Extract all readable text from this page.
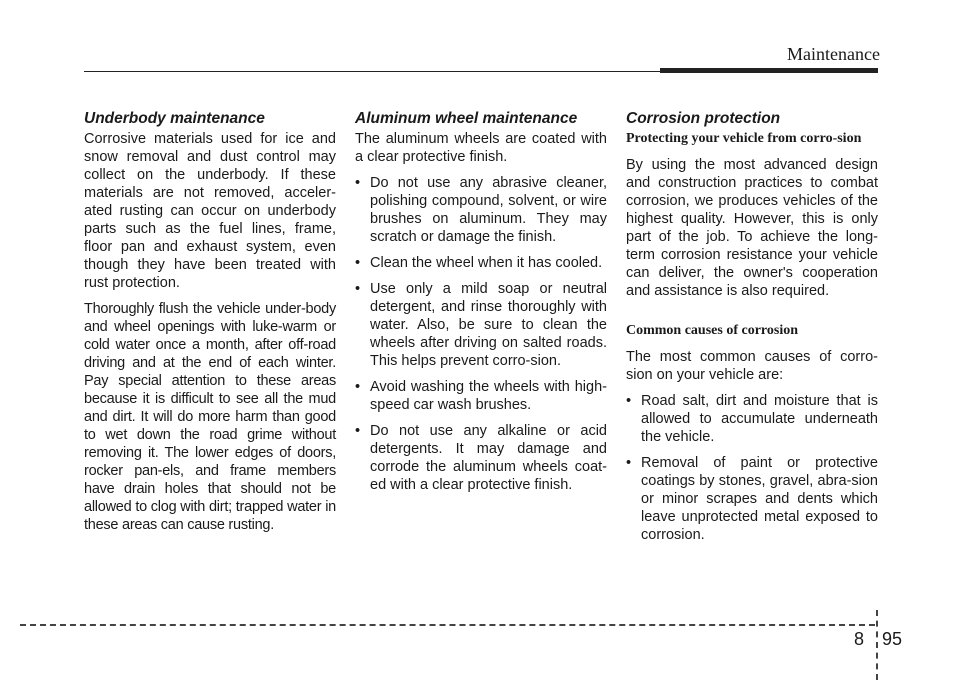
Maintenance
Underbody maintenance

Corrosive materials used for ice and snow removal and dust control may collect on the underbody. If these materials are not removed, acceler-ated rusting can occur on underbody parts such as the fuel lines, frame, floor pan and exhaust system, even though they have been treated with rust protection.

Thoroughly flush the vehicle under-body and wheel openings with luke-warm or cold water once a month, after off-road driving and at the end of each winter. Pay special attention to these areas because it is difficult to see all the mud and dirt. It will do more harm than good to wet down the road grime without removing it. The lower edges of doors, rocker pan-els, and frame members have drain holes that should not be allowed to clog with dirt; trapped water in these areas can cause rusting.

Aluminum wheel maintenance

The aluminum wheels are coated with a clear protective finish.

• Do not use any abrasive cleaner, polishing compound, solvent, or wire brushes on aluminum. They may scratch or damage the finish.
• Clean the wheel when it has cooled.
• Use only a mild soap or neutral detergent, and rinse thoroughly with water. Also, be sure to clean the wheels after driving on salted roads. This helps prevent corro-sion.
• Avoid washing the wheels with high-speed car wash brushes.
• Do not use any alkaline or acid detergents. It may damage and corrode the aluminum wheels coat-ed with a clear protective finish.
Corrosion protection
Protecting your vehicle from corro-sion

By using the most advanced design and construction practices to combat corrosion, we produces vehicles of the highest quality. However, this is only part of the job. To achieve the long-term corrosion resistance your vehicle can deliver, the owner's cooperation and assistance is also required.

Common causes of corrosion

The most common causes of corro-sion on your vehicle are:

• Road salt, dirt and moisture that is allowed to accumulate underneath the vehicle.
• Removal of paint or protective coatings by stones, gravel, abra-sion or minor scrapes and dents which leave unprotected metal exposed to corrosion.
8 95
